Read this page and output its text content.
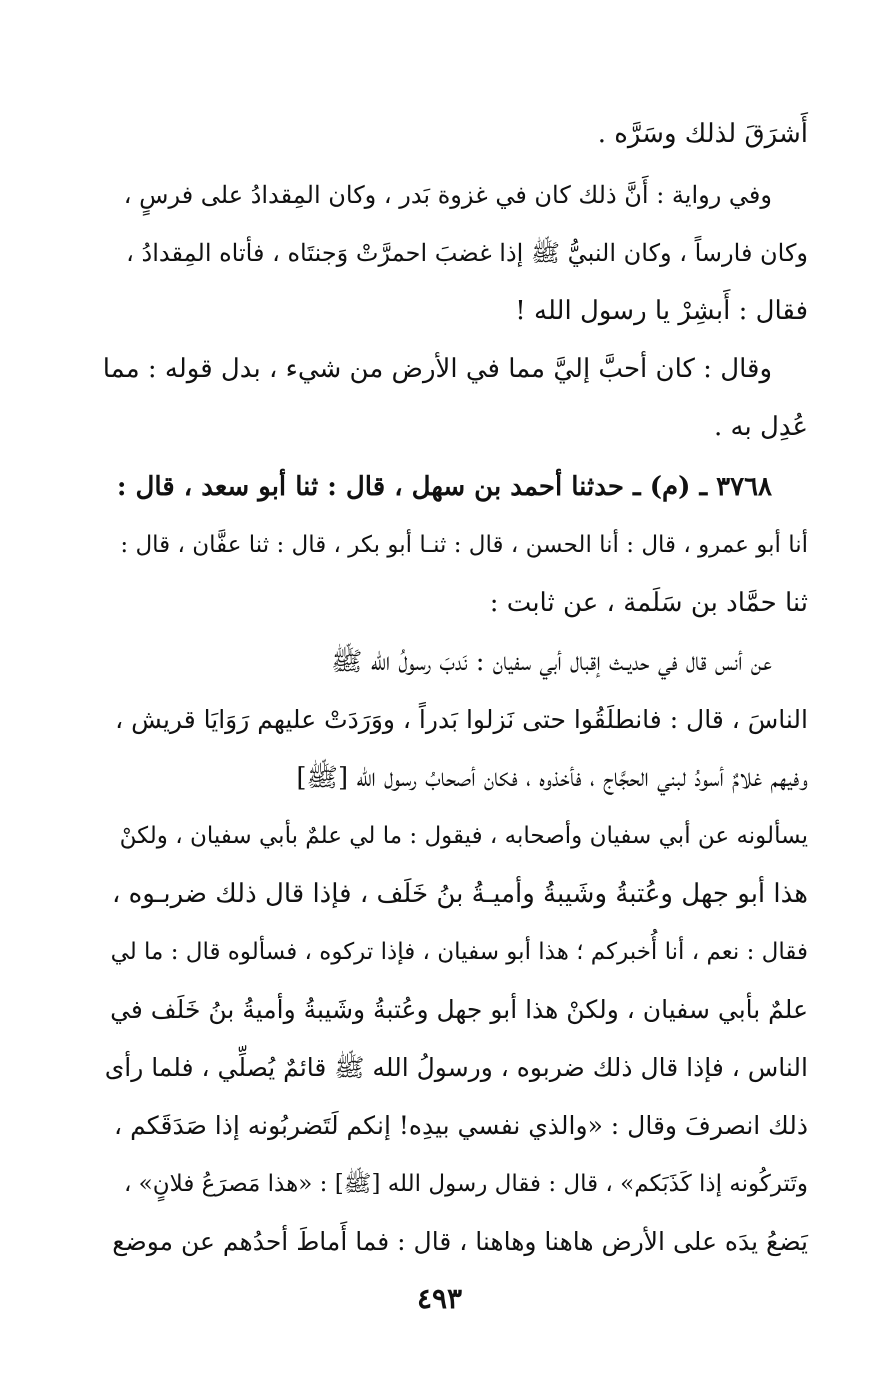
أَشرَقَ لذلك وسَرَّه .
وفي رواية : أَنَّ ذلك كان في غزوة بَدر ، وكان المِقدادُ على فرسٍ ،
وكان فارساً ، وكان النبيُّ ﷺ إذا غضبَ احمرَّتْ وَجنتَاه ، فأتاه المِقدادُ ،
فقال : أَبشِرْ يا رسول الله !
وقال : كان أحبَّ إليَّ مما في الأرض من شيء ، بدل قوله : مما
عُدِل به .
٣٧٦٨ ـ (م) ـ حدثنا أحمد بن سهل ، قال : ثنا أبو سعد ، قال :
أنا أبو عمرو ، قال : أنا الحسن ، قال : ثنـا أبو بكر ، قال : ثنا عفَّان ، قال :
ثنا حمَّاد بن سَلَمة ، عن ثابت :
عن أنس قال في حديـث إقبال أبي سفيان : نَدبَ رسولُ الله ﷺ
الناسَ ، قال : فانطلَقُوا حتى نَزلوا بَدراً ، ووَرَدَتْ عليهم رَوَايَا قريش ،
وفيهم غلامٌ أسودُ لبني الحجَّاج ، فأخذوه ، فكان أصحابُ رسول الله [ﷺ]
يسألونه عن أبي سفيان وأصحابه ، فيقول : ما لي علمٌ بأبي سفيان ، ولكنْ
هذا أبو جهل وعُتبةُ وشَيبةُ وأميـةُ بنُ خَلَف ، فإذا قال ذلك ضربـوه ،
فقال : نعم ، أنا أُخبركم ؛ هذا أبو سفيان ، فإذا تركوه ، فسألوه قال : ما لي
علمٌ بأبي سفيان ، ولكنْ هذا أبو جهل وعُتبةُ وشَيبةُ وأميةُ بنُ خَلَف في
الناس ، فإذا قال ذلك ضربوه ، ورسولُ الله ﷺ قائمٌ يُصلِّي ، فلما رأى
ذلك انصرفَ وقال : «والذي نفسي بيدِه! إنكم لَتَضربُونه إذا صَدَقَكم ،
وتَتركُونه إذا كَذَبَكم» ، قال : فقال رسول الله [ﷺ] : «هذا مَصرَعُ فلانٍ» ،
يَضعُ يدَه على الأرض هاهنا وهاهنا ، قال : فما أَماطَ أحدُهم عن موضع
٤٩٣
